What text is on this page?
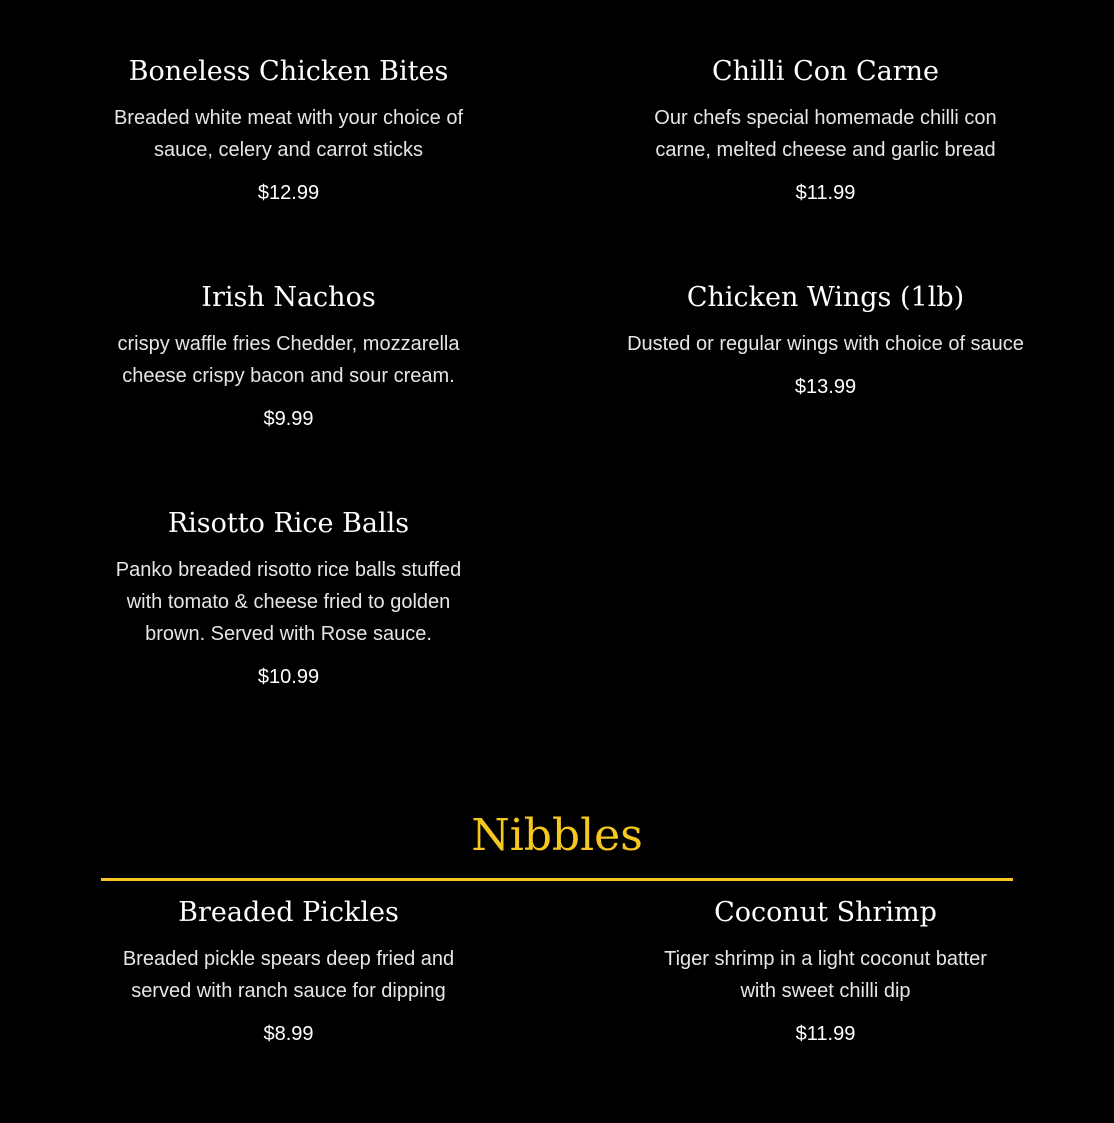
Boneless Chicken Bites

Breaded white meat with your choice of sauce, celery and carrot sticks

$12.99
Chilli Con Carne

Our chefs special homemade chilli con carne, melted cheese and garlic bread

$11.99
Irish Nachos

crispy waffle fries Chedder, mozzarella cheese crispy bacon and sour cream.

$9.99
Chicken Wings (1lb)

Dusted or regular wings with choice of sauce

$13.99
Risotto Rice Balls

Panko breaded risotto rice balls stuffed with tomato & cheese fried to golden brown. Served with Rose sauce.

$10.99
Nibbles
Breaded Pickles

Breaded pickle spears deep fried and served with ranch sauce for dipping

$8.99
Coconut Shrimp

Tiger shrimp in a light coconut batter with sweet chilli dip

$11.99
